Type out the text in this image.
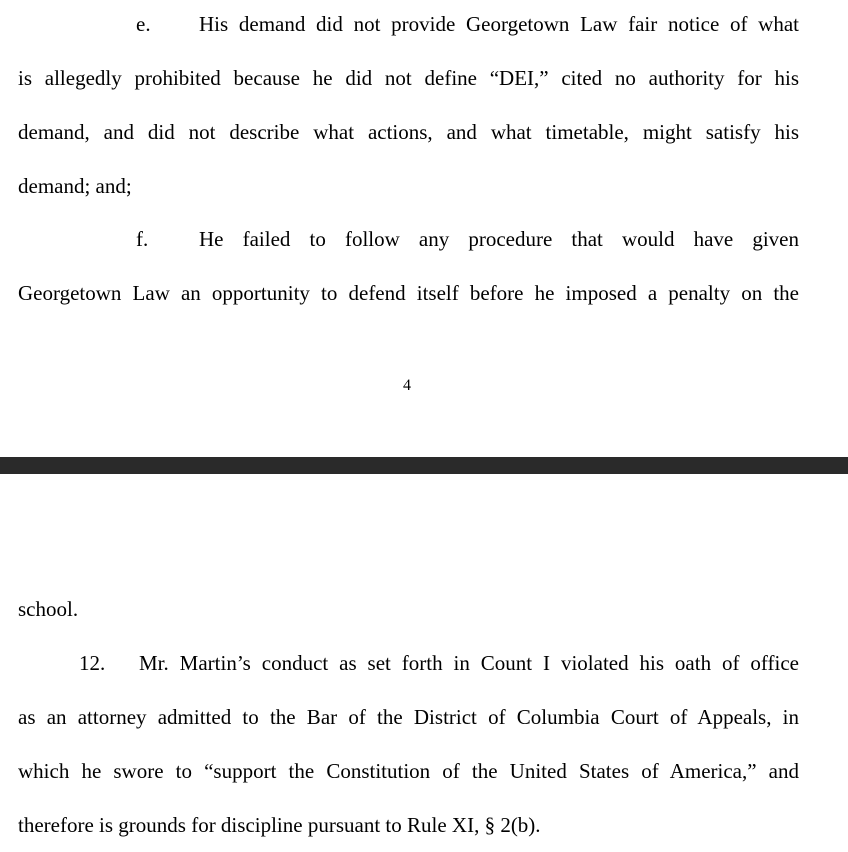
e. His demand did not provide Georgetown Law fair notice of what
is allegedly prohibited because he did not define “DEI,” cited no authority for his
demand, and did not describe what actions, and what timetable, might satisfy his
demand; and;
f. He failed to follow any procedure that would have given
Georgetown Law an opportunity to defend itself before he imposed a penalty on the
4
school.
12. Mr. Martin’s conduct as set forth in Count I violated his oath of office
as an attorney admitted to the Bar of the District of Columbia Court of Appeals, in
which he swore to “support the Constitution of the United States of America,” and
therefore is grounds for discipline pursuant to Rule XI, § 2(b).
